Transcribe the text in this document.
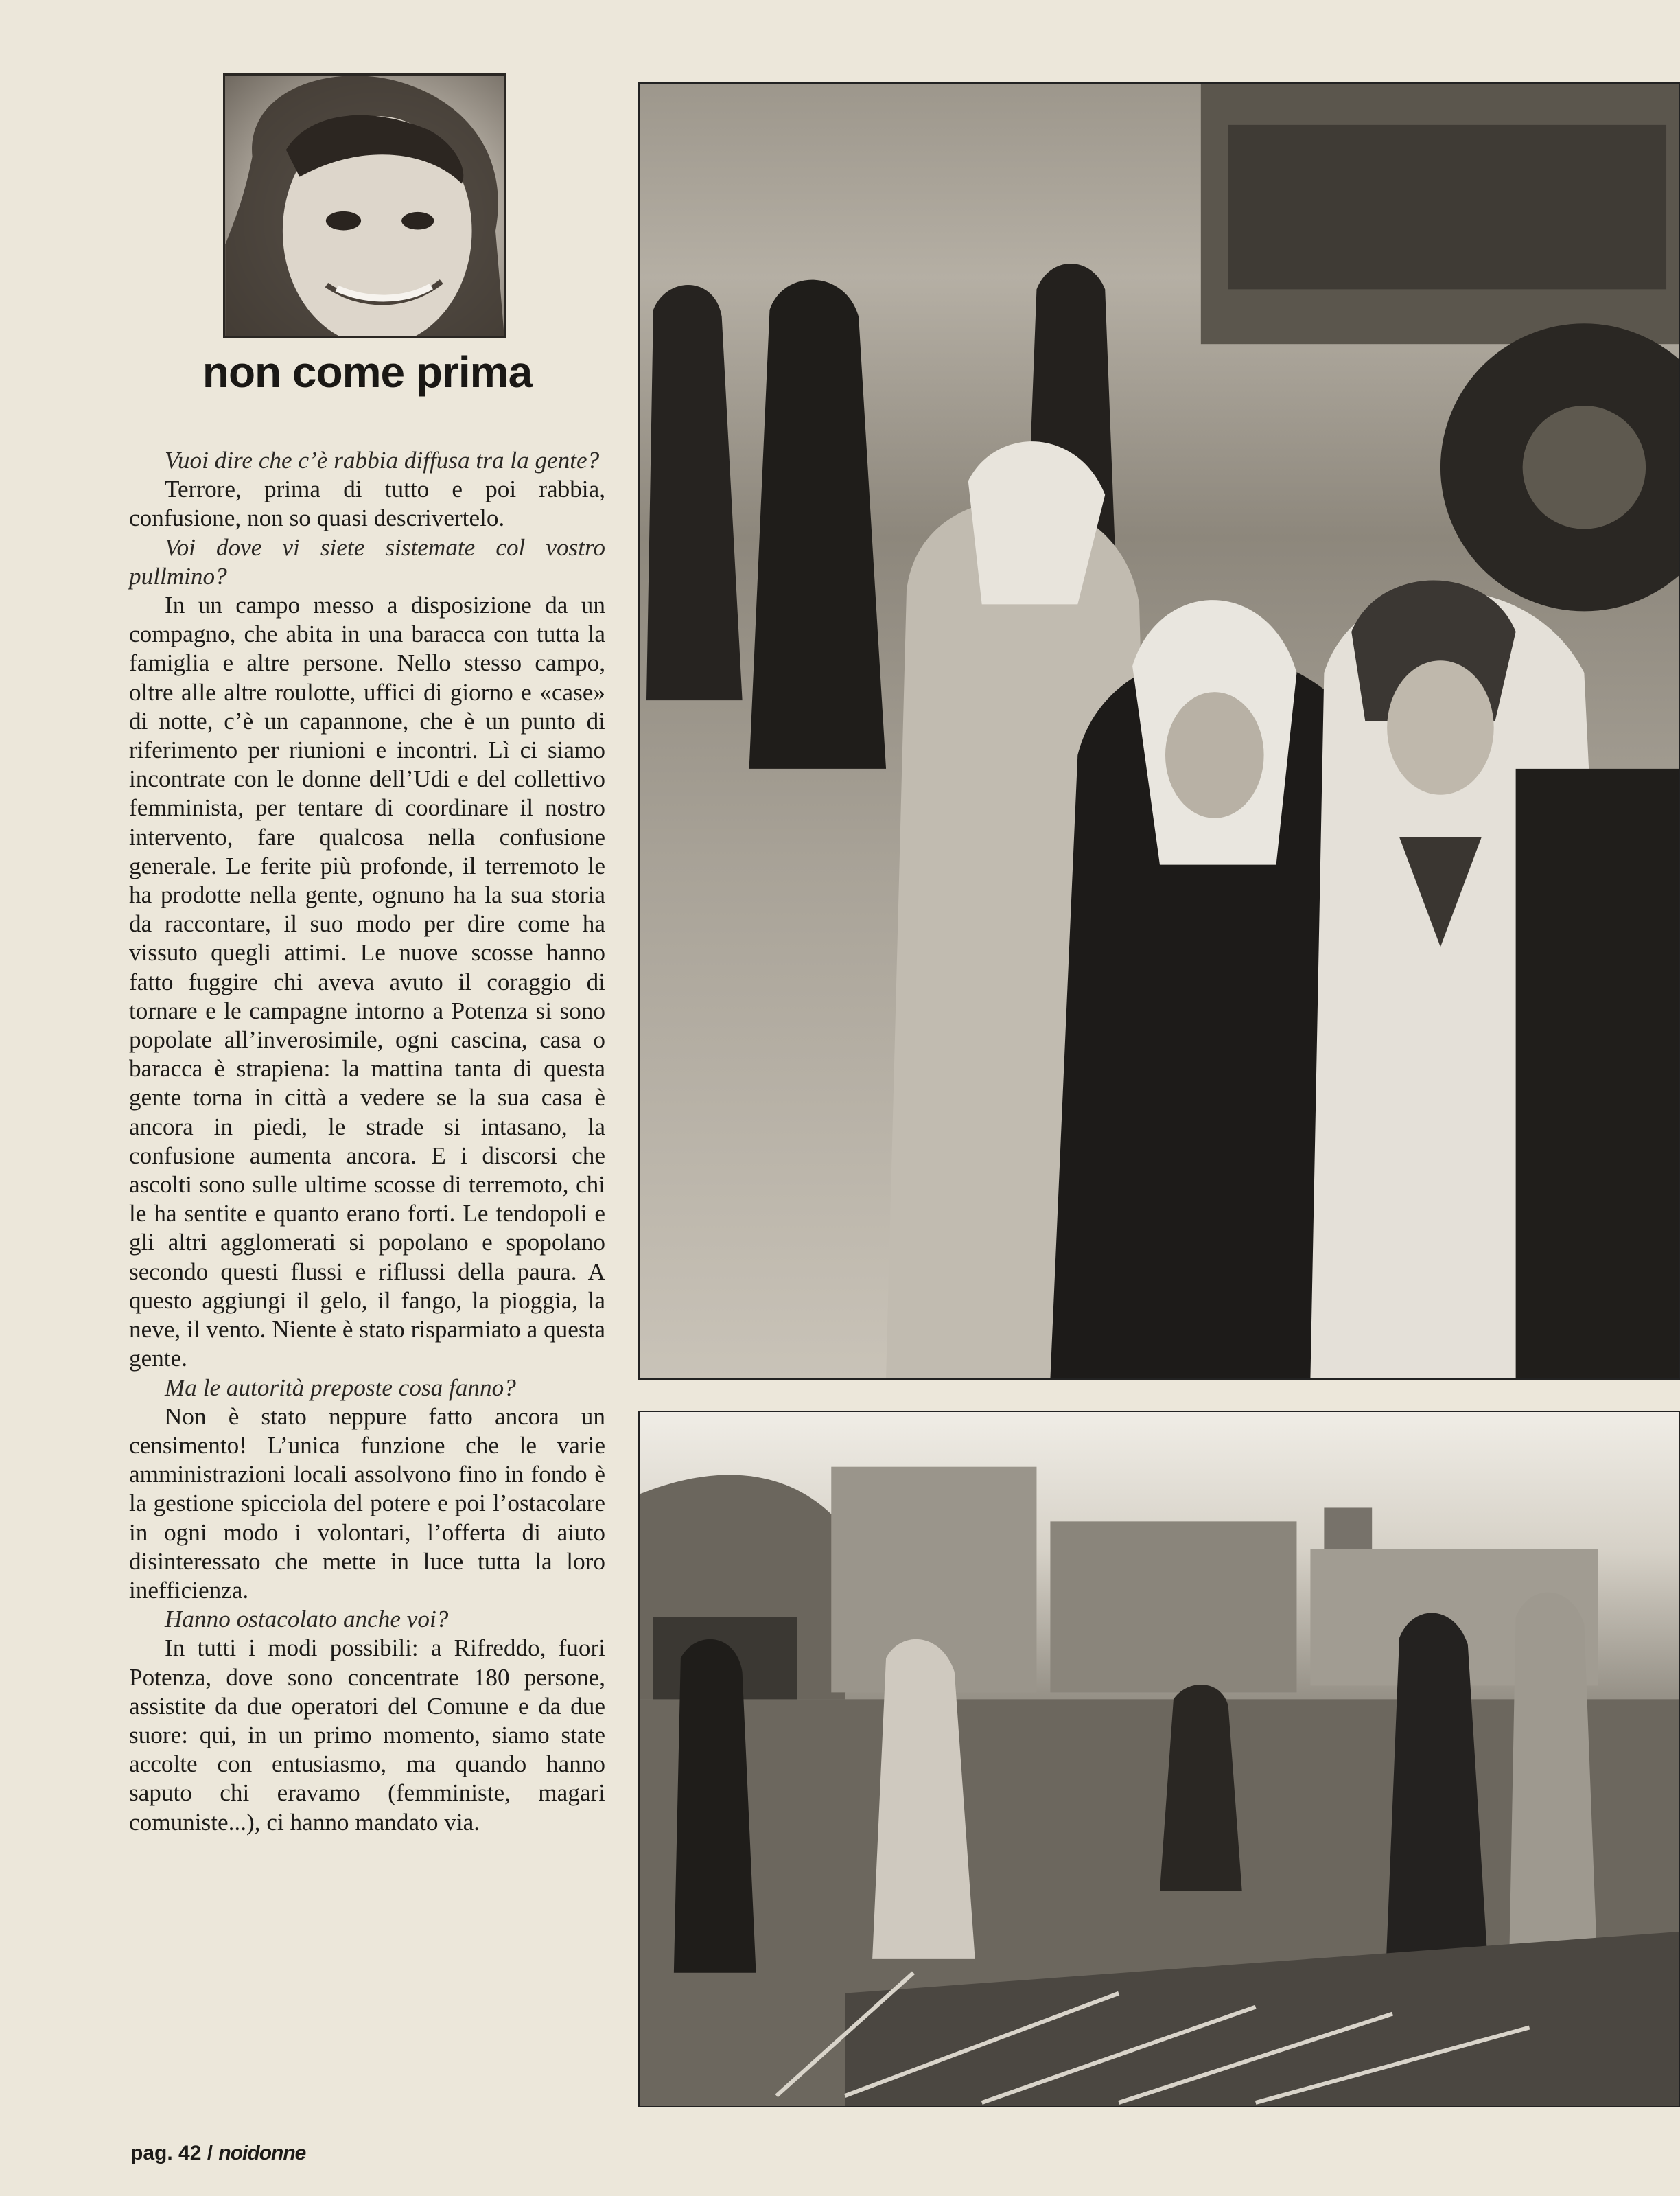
non come prima

Vuoi dire che c’è rabbia diffusa tra la gente?

Terrore, prima di tutto e poi rabbia, confusione, non so quasi descrivertelo.

Voi dove vi siete sistemate col vostro pullmino?

In un campo messo a disposizione da un compagno, che abita in una baracca con tutta la famiglia e altre persone. Nello stesso campo, oltre alle altre roulotte, uffici di giorno e «case» di notte, c’è un capannone, che è un punto di riferimento per riunioni e incontri. Lì ci siamo incontrate con le donne dell’Udi e del collettivo femminista, per tentare di coordinare il nostro intervento, fare qualcosa nella confusione generale. Le ferite più profonde, il terremoto le ha prodotte nella gente, ognuno ha la sua storia da raccontare, il suo modo per dire come ha vissuto quegli attimi. Le nuove scosse hanno fatto fuggire chi aveva avuto il coraggio di tornare e le campagne intorno a Potenza si sono popolate all’inverosimile, ogni cascina, casa o baracca è strapiena: la mattina tanta di questa gente torna in città a vedere se la sua casa è ancora in piedi, le strade si intasano, la confusione aumenta ancora. E i discorsi che ascolti sono sulle ultime scosse di terremoto, chi le ha sentite e quanto erano forti. Le tendopoli e gli altri agglomerati si popolano e spopolano secondo questi flussi e riflussi della paura. A questo aggiungi il gelo, il fango, la pioggia, la neve, il vento. Niente è stato risparmiato a questa gente.

Ma le autorità preposte cosa fanno?

Non è stato neppure fatto ancora un censimento! L’unica funzione che le varie amministrazioni locali assolvono fino in fondo è la gestione spicciola del potere e poi l’ostacolare in ogni modo i volontari, l’offerta di aiuto disinteressato che mette in luce tutta la loro inefficienza.

Hanno ostacolato anche voi?

In tutti i modi possibili: a Rifreddo, fuori Potenza, dove sono concentrate 180 persone, assistite da due operatori del Comune e da due suore: qui, in un primo momento, siamo state accolte con entusiasmo, ma quando hanno saputo chi eravamo (femministe, magari comuniste...), ci hanno mandato via.

pag. 42 / noidonne
